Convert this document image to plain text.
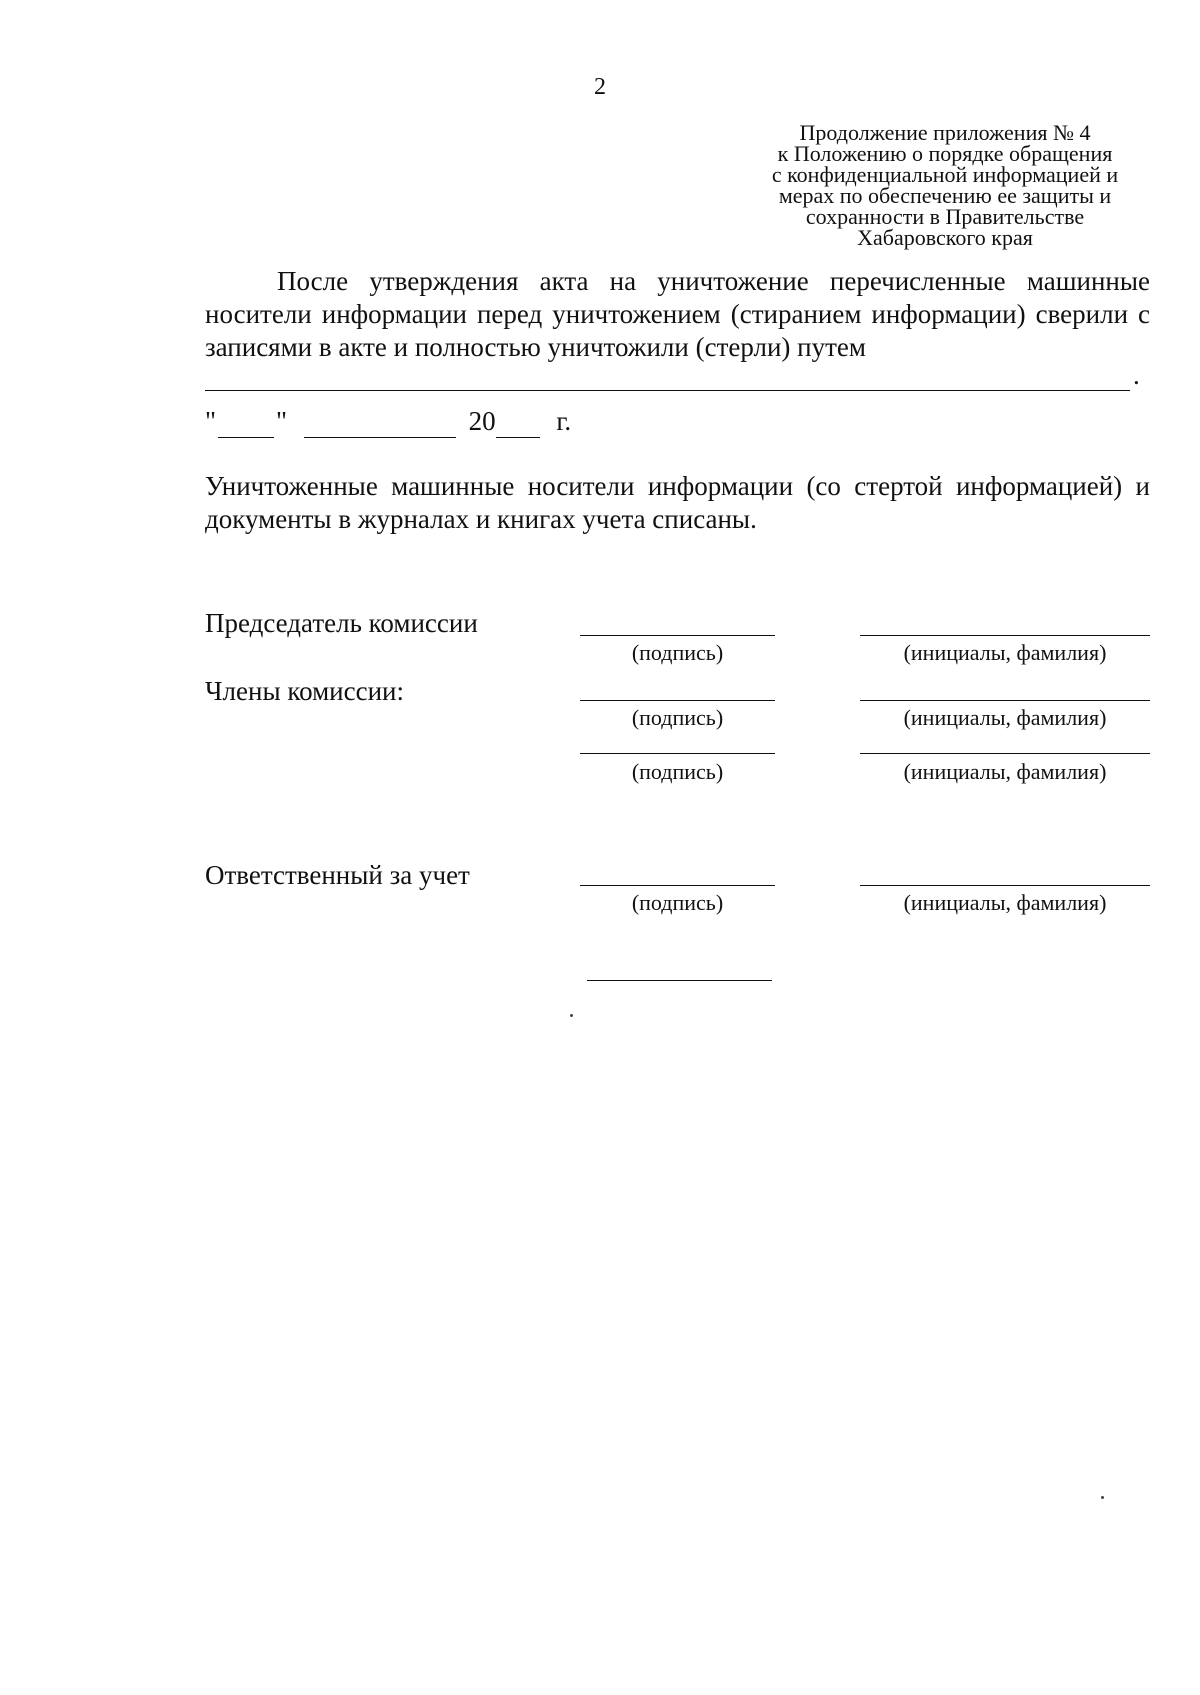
2
Продолжение приложения № 4
к Положению о порядке обращения
с конфиденциальной информацией и
мерах по обеспечению ее защиты и
сохранности в Правительстве
Хабаровского края
После утверждения акта на уничтожение перечисленные машинные носители информации перед уничтожением (стиранием информации) сверили с записями в акте и полностью уничтожили (стерли) путем
.
" "	20 г.
Уничтоженные машинные носители информации (со стертой информацией) и документы в журналах и книгах учета списаны.
Председатель комиссии
(подпись)	(инициалы, фамилия)
Члены комиссии:
(подпись)	(инициалы, фамилия)
(подпись)	(инициалы, фамилия)
Ответственный за учет
(подпись)	(инициалы, фамилия)
